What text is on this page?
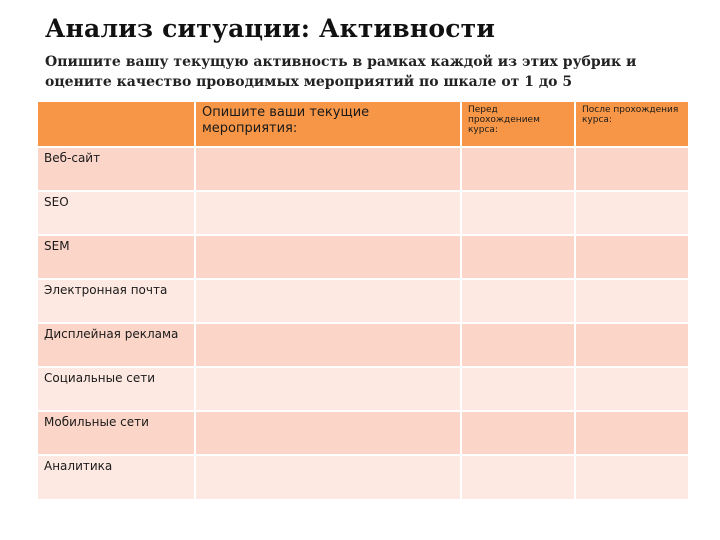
Анализ ситуации: Активности

Опишите вашу текущую активность в рамках каждой из этих рубрик и оцените качество проводимых мероприятий по шкале от 1 до 5

	Опишите ваши текущие мероприятия:	Перед прохождением курса:	После прохождения курса:
Веб-сайт			
SEO			
SEM			
Электронная почта			
Дисплейная реклама			
Социальные сети			
Мобильные сети			
Аналитика			
